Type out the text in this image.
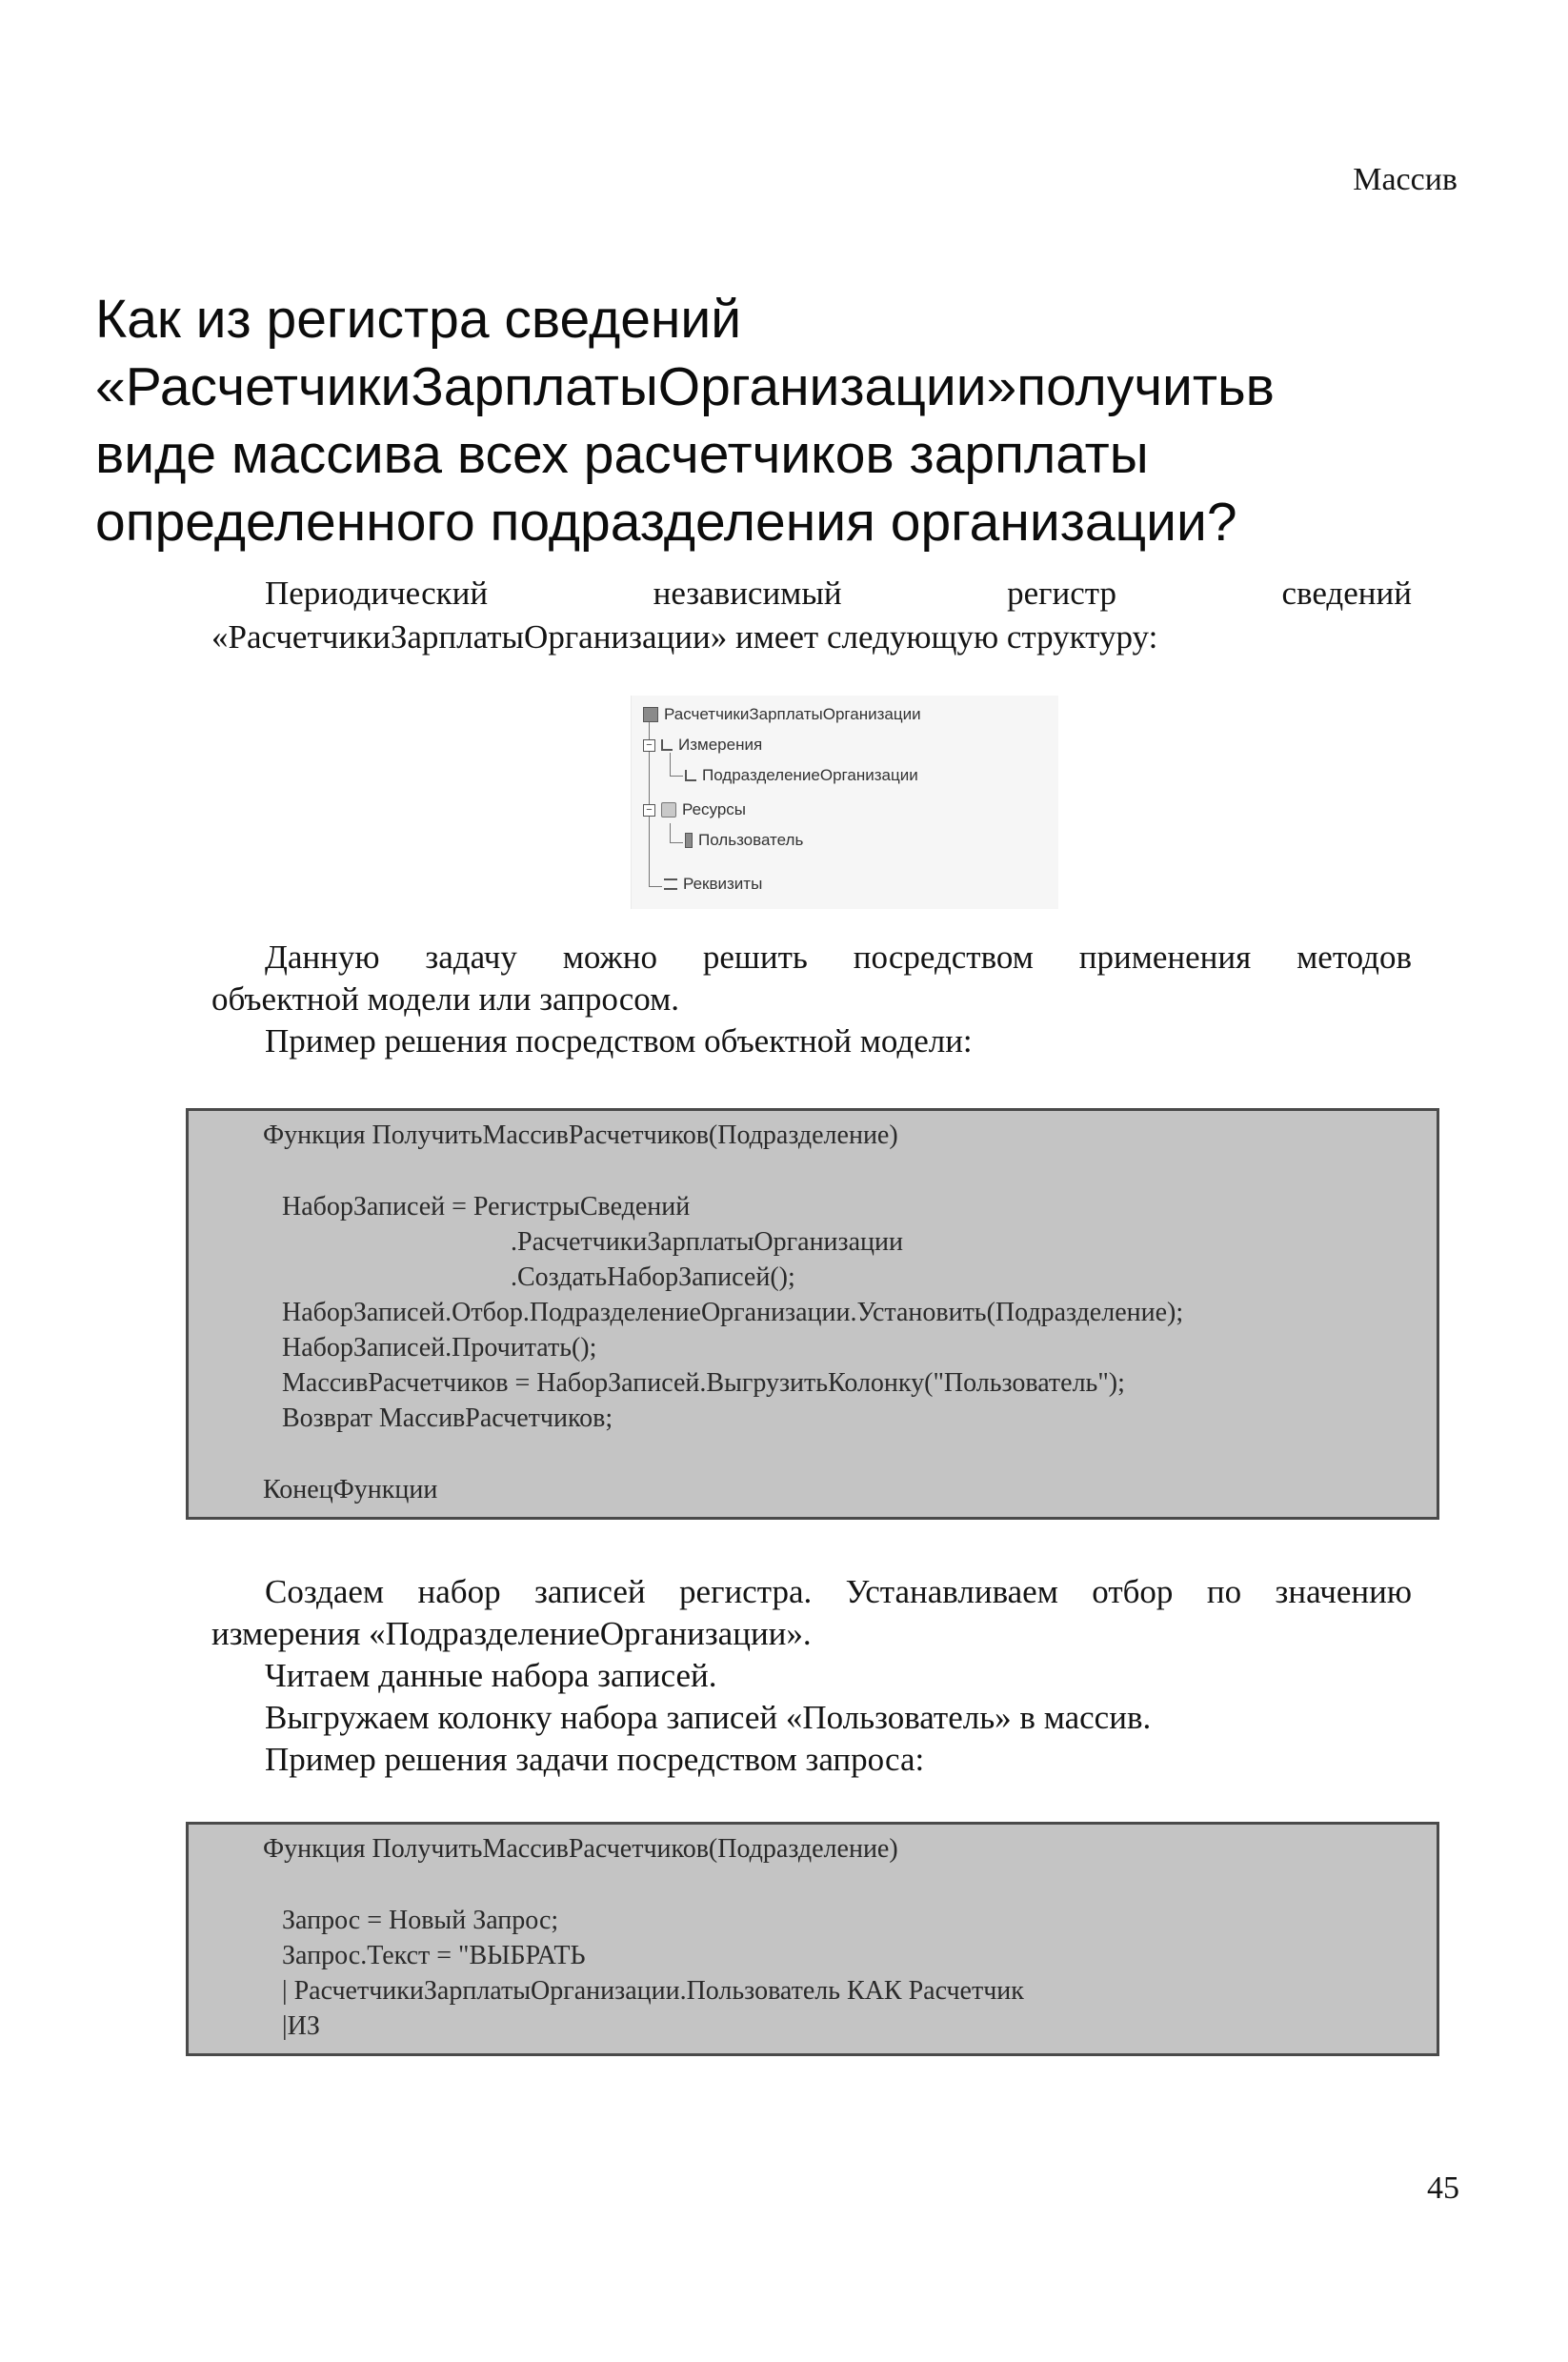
Массив
Как из регистра сведений
«РасчетчикиЗарплатыОрганизации»получитьв
виде массива всех расчетчиков зарплаты
определенного подразделения организации?
Периодический	независимый	регистр	сведений
«РасчетчикиЗарплатыОрганизации» имеет следующую структуру:
РасчетчикиЗарплатыОрганизации
− Измерения
ПодразделениеОрганизации
− Ресурсы
Пользователь
Реквизиты
Данную задачу можно решить посредством применения методов
объектной модели или запросом.
Пример решения посредством объектной модели:
Функция ПолучитьМассивРасчетчиков(Подразделение)
НаборЗаписей = РегистрыСведений
.РасчетчикиЗарплатыОрганизации
.СоздатьНаборЗаписей();
НаборЗаписей.Отбор.ПодразделениеОрганизации.Установить(Подразделение);
НаборЗаписей.Прочитать();
МассивРасчетчиков = НаборЗаписей.ВыгрузитьКолонку("Пользователь");
Возврат МассивРасчетчиков;
КонецФункции
Создаем набор записей регистра. Устанавливаем отбор по значению
измерения «ПодразделениеОрганизации».
Читаем данные набора записей.
Выгружаем колонку набора записей «Пользователь» в массив.
Пример решения задачи посредством запроса:
Функция ПолучитьМассивРасчетчиков(Подразделение)
Запрос = Новый Запрос;
Запрос.Текст = "ВЫБРАТЬ
| РасчетчикиЗарплатыОрганизации.Пользователь КАК Расчетчик
|ИЗ
45
